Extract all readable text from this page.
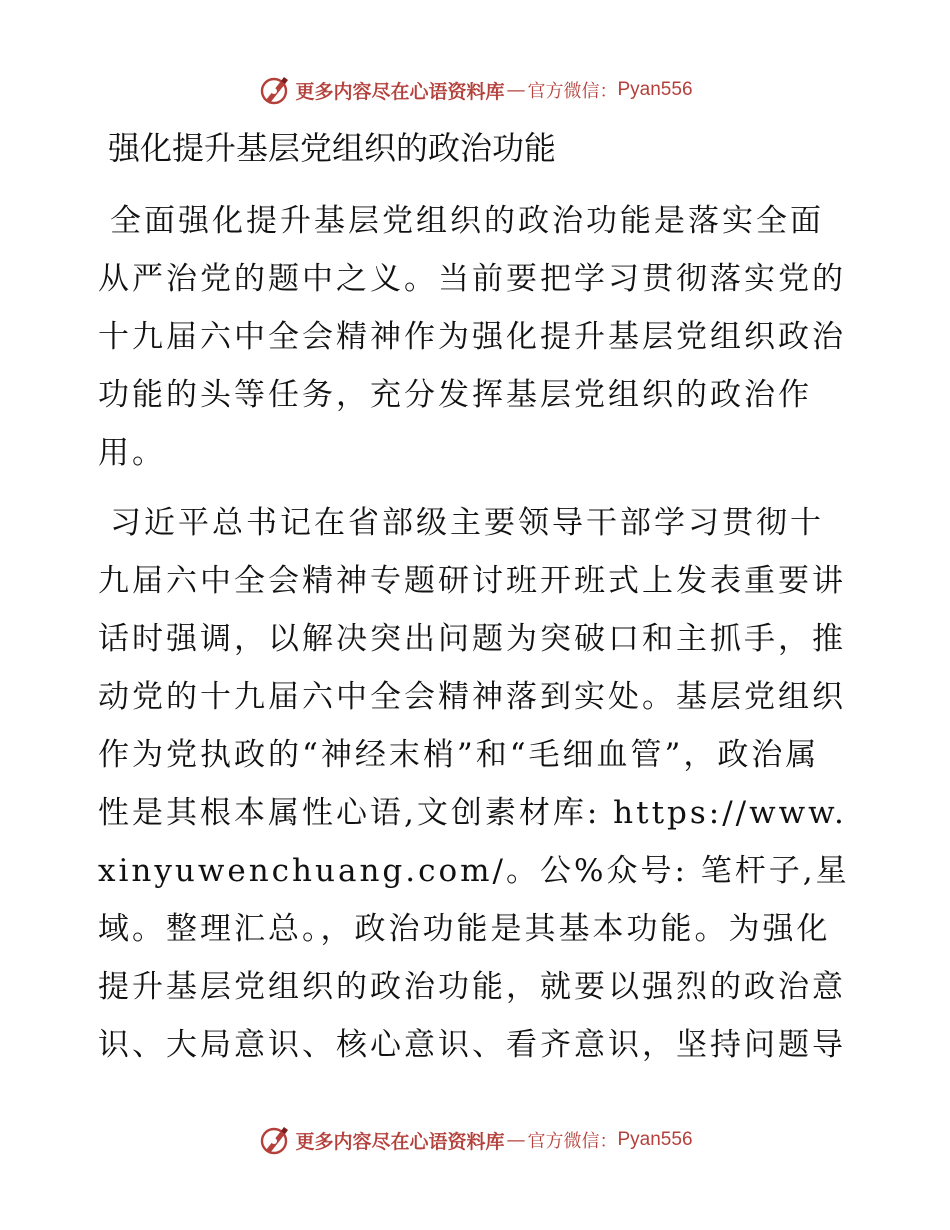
更多内容尽在心语资料库 — 官方微信： Pyan556
强化提升基层党组织的政治功能

全面强化提升基层党组织的政治功能是落实全面从严治党的题中之义。当前要把学习贯彻落实党的十九届六中全会精神作为强化提升基层党组织政治功能的头等任务，充分发挥基层党组织的政治作用。

习近平总书记在省部级主要领导干部学习贯彻十九届六中全会精神专题研讨班开班式上发表重要讲话时强调，以解决突出问题为突破口和主抓手，推动党的十九届六中全会精神落到实处。基层党组织作为党执政的“神经末梢”和“毛细血管”，政治属性是其根本属性心语,文创素材库: https://www.xinyuwenchuang.com/。公%众号: 笔杆子,星域。整理汇总。，政治功能是其基本功能。为强化提升基层党组织的政治功能，就要以强烈的政治意识、大局意识、核心意识、看齐意识，坚持问题导

更多内容尽在心语资料库 — 官方微信： Pyan556
